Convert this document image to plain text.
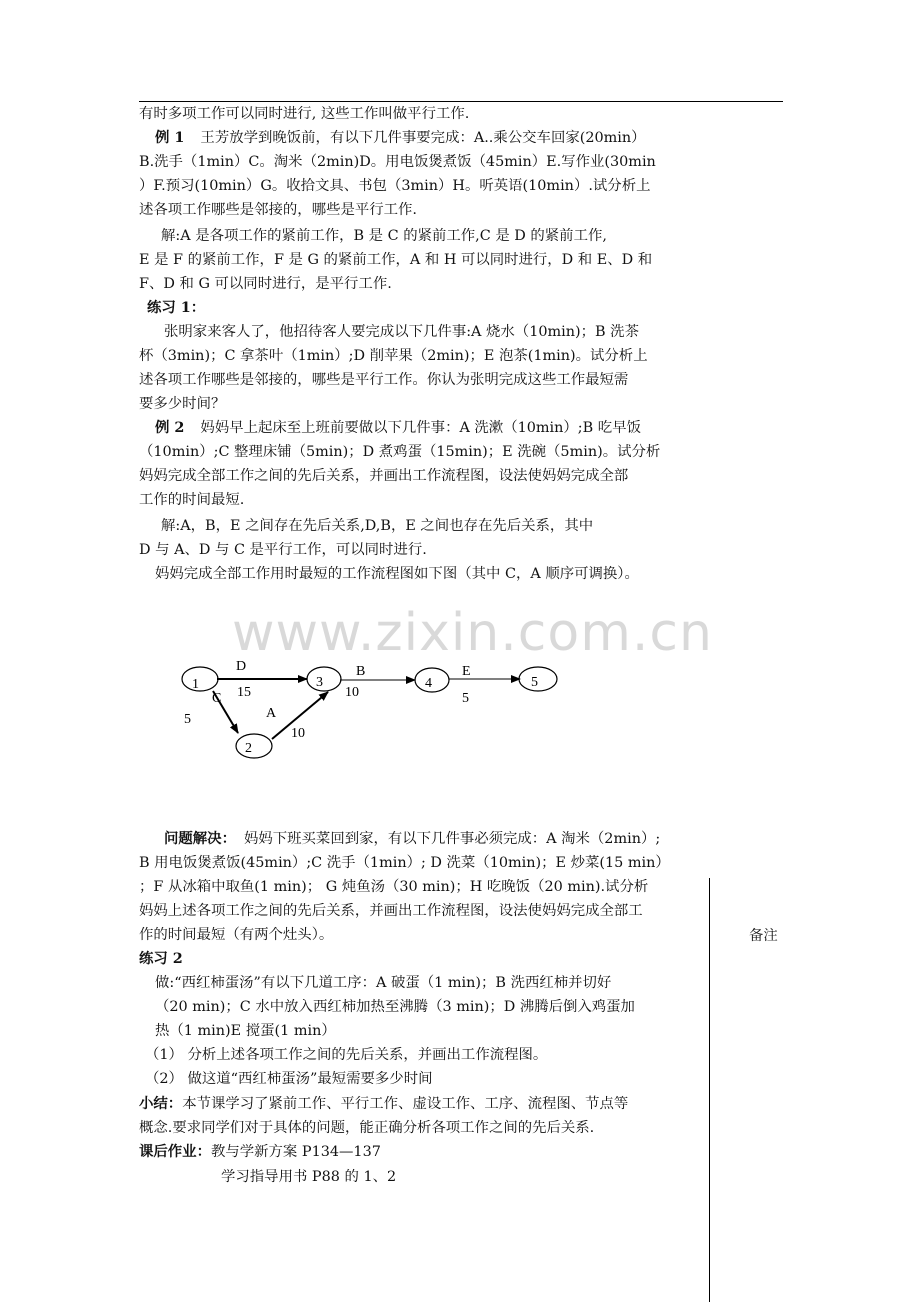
有时多项工作可以同时进行, 这些工作叫做平行工作.
例 1 王芳放学到晚饭前，有以下几件事要完成：A..乘公交车回家(20min）
B.洗手（1min）C。淘米（2min)D。用电饭煲煮饭（45min）E.写作业(30min
）F.预习(10min）G。收拾文具、书包（3min）H。听英语(10min）.试分析上
述各项工作哪些是邻接的，哪些是平行工作.
解:A 是各项工作的紧前工作，B 是 C 的紧前工作,C 是 D 的紧前工作,
E 是 F 的紧前工作，F 是 G 的紧前工作，A 和 H 可以同时进行，D 和 E、D 和
F、D 和 G 可以同时进行，是平行工作.
练习 1：
张明家来客人了，他招待客人要完成以下几件事:A 烧水（10min)；B 洗茶
杯（3min)；C 拿茶叶（1min）;D 削苹果（2min)；E 泡茶(1min)。试分析上
述各项工作哪些是邻接的，哪些是平行工作。你认为张明完成这些工作最短需
要多少时间？
例 2 妈妈早上起床至上班前要做以下几件事：A 洗漱（10min）;B 吃早饭
（10min）;C 整理床铺（5min)；D 煮鸡蛋（15min)；E 洗碗（5min)。试分析
妈妈完成全部工作之间的先后关系，并画出工作流程图，设法使妈妈完成全部
工作的时间最短.
解:A，B，E 之间存在先后关系,D,B，E 之间也存在先后关系，其中
D 与 A、D 与 C 是平行工作，可以同时进行.
妈妈完成全部工作用时最短的工作流程图如下图（其中 C，A 顺序可调换）。
www.zixin.com.cn
D
15
C
5	A
10
B
10
E
5
1
2
3	4	5
问题解决： 妈妈下班买菜回到家，有以下几件事必须完成：A 淘米（2min）;
B 用电饭煲煮饭(45min）;C 洗手（1min）; D 洗菜（10min)；E 炒菜(15 min）
；F 从冰箱中取鱼(1 min)； G 炖鱼汤（30 min)；H 吃晚饭（20 min).试分析
妈妈上述各项工作之间的先后关系，并画出工作流程图，设法使妈妈完成全部工
作的时间最短（有两个灶头）。	备注
练习 2
做:“西红柿蛋汤”有以下几道工序：A 破蛋（1 min)；B 洗西红柿并切好
（20 min)；C 水中放入西红柿加热至沸腾（3 min)；D 沸腾后倒入鸡蛋加
热（1 min)E 搅蛋(1 min）
（1） 分析上述各项工作之间的先后关系，并画出工作流程图。
（2） 做这道“西红柿蛋汤”最短需要多少时间
小结：本节课学习了紧前工作、平行工作、虚设工作、工序、流程图、节点等
概念.要求同学们对于具体的问题，能正确分析各项工作之间的先后关系.
课后作业：教与学新方案 P134—137
学习指导用书 P88 的 1、2
